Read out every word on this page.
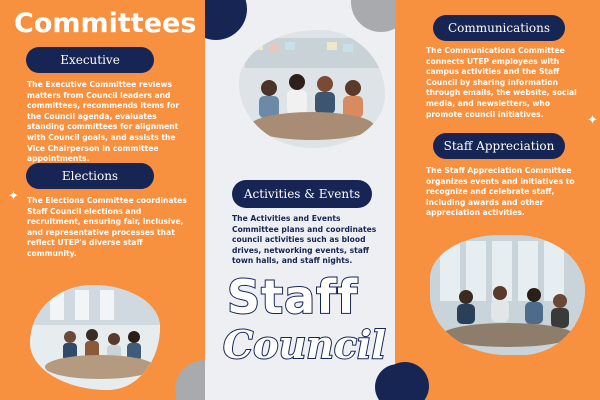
Committees
Executive
The Executive Committee reviews matters from Council leaders and committees, recommends items for the Council agenda, evaluates standing committees for alignment with Council goals, and assists the Vice Chairperson in committee appointments.
✦
Elections
The Elections Committee coordinates Staff Council elections and recruitment, ensuring fair, inclusive, and representative processes that reflect UTEP's diverse staff community.
Activities & Events
The Activities and Events Committee plans and coordinates council activities such as blood drives, networking events, staff town halls, and staff nights.
Staff
Council
Communications
The Communications Committee connects UTEP employees with campus activities and the Staff Council by sharing information through emails, the website, social media, and newsletters, who promote council initiatives.	✦
Staff Appreciation
The Staff Appreciation Committee organizes events and initiatives to recognize and celebrate staff, including awards and other appreciation activities.
